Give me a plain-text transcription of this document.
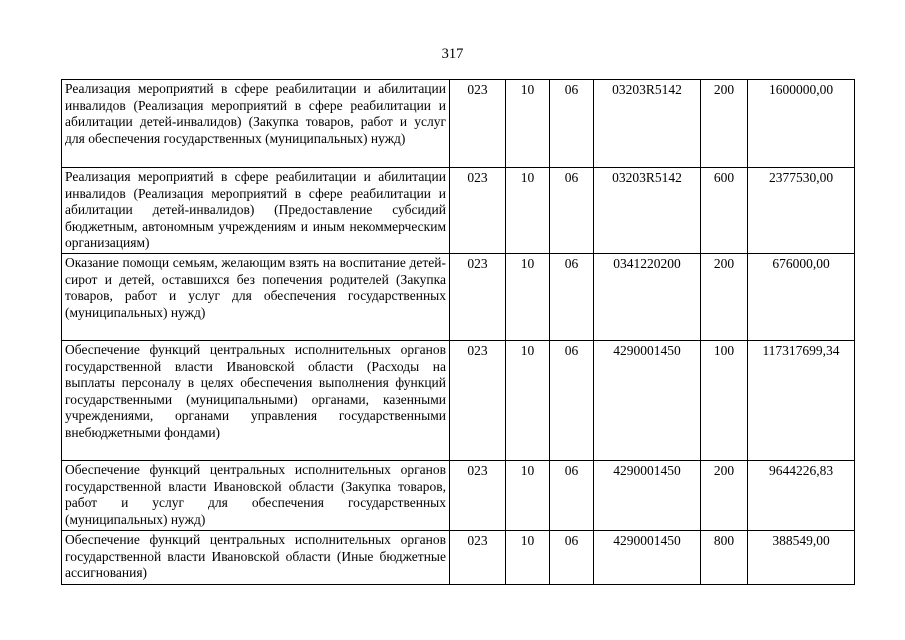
317
Реализация мероприятий в сфере реабилитации и абилитации инвалидов (Реализация мероприятий в сфере реабилитации и абилитации детей-инвалидов) (Закупка товаров, работ и услуг для обеспечения государственных (муниципальных) нужд)	023	10	06	03203R5142	200	1600000,00
Реализация мероприятий в сфере реабилитации и абилитации инвалидов (Реализация мероприятий в сфере реабилитации и абилитации детей-инвалидов) (Предоставление субсидий бюджетным, автономным учреждениям и иным некоммерческим организациям)	023	10	06	03203R5142	600	2377530,00
Оказание помощи семьям, желающим взять на воспитание детей-сирот и детей, оставшихся без попечения родителей (Закупка товаров, работ и услуг для обеспечения государственных (муниципальных) нужд)	023	10	06	0341220200	200	676000,00
Обеспечение функций центральных исполнительных органов государственной власти Ивановской области (Расходы на выплаты персоналу в целях обеспечения выполнения функций государственными (муниципальными) органами, казенными учреждениями, органами управления государственными внебюджетными фондами)	023	10	06	4290001450	100	117317699,34
Обеспечение функций центральных исполнительных органов государственной власти Ивановской области (Закупка товаров, работ и услуг для обеспечения государственных (муниципальных) нужд)	023	10	06	4290001450	200	9644226,83
Обеспечение функций центральных исполнительных органов государственной власти Ивановской области (Иные бюджетные ассигнования)	023	10	06	4290001450	800	388549,00
